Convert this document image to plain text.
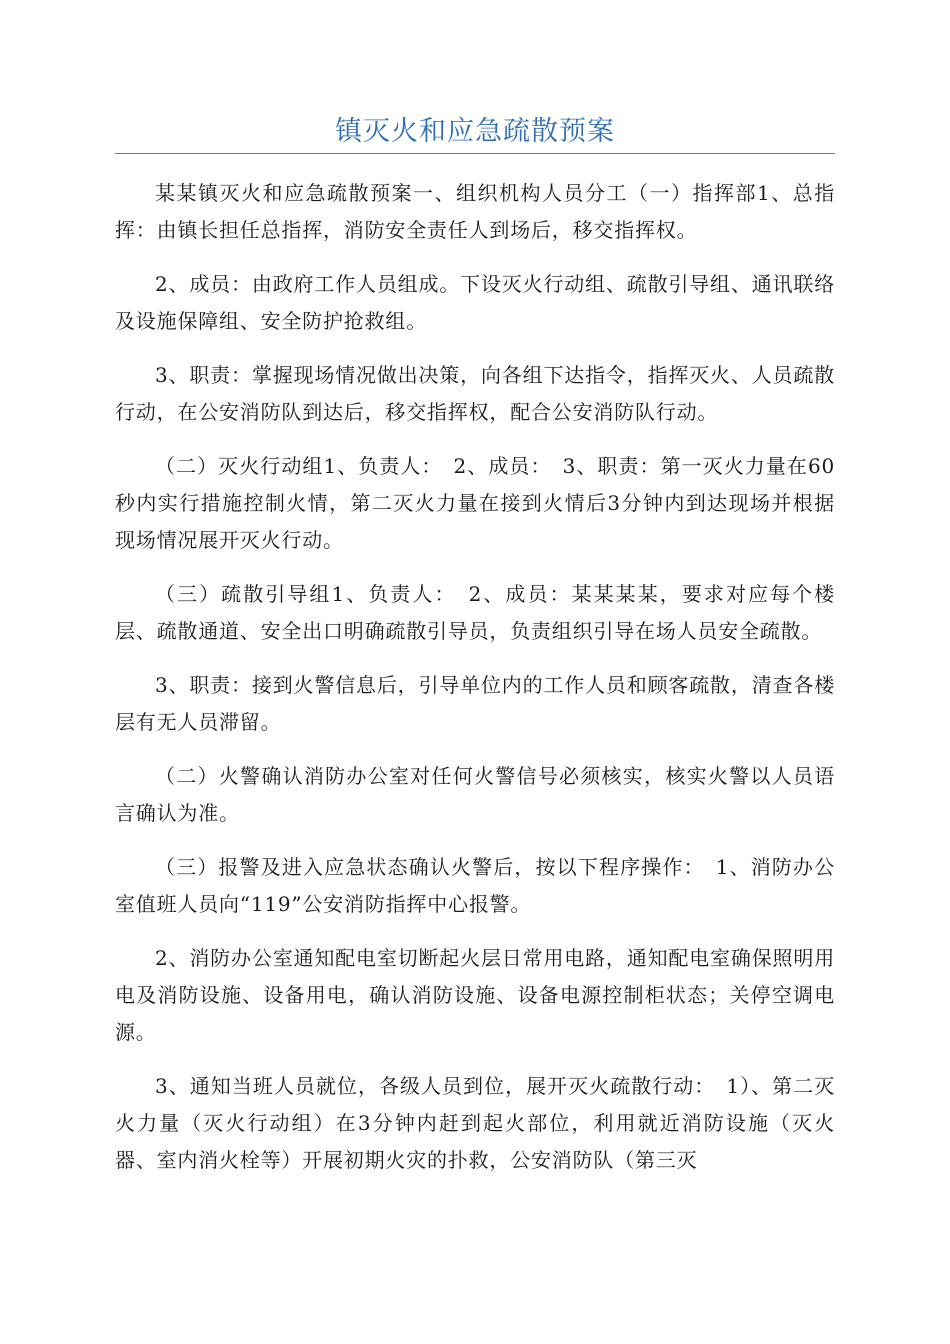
镇灭火和应急疏散预案

某某镇灭火和应急疏散预案一、组织机构人员分工（一）指挥部1、总指挥：由镇长担任总指挥，消防安全责任人到场后，移交指挥权。

2、成员：由政府工作人员组成。下设灭火行动组、疏散引导组、通讯联络及设施保障组、安全防护抢救组。

3、职责：掌握现场情况做出决策，向各组下达指令，指挥灭火、人员疏散行动，在公安消防队到达后，移交指挥权，配合公安消防队行动。

（二）灭火行动组1、负责人：　2、成员：　3、职责：第一灭火力量在60秒内实行措施控制火情，第二灭火力量在接到火情后3分钟内到达现场并根据现场情况展开灭火行动。

（三）疏散引导组1、负责人：　2、成员：某某某某，要求对应每个楼层、疏散通道、安全出口明确疏散引导员，负责组织引导在场人员安全疏散。

3、职责：接到火警信息后，引导单位内的工作人员和顾客疏散，清查各楼层有无人员滞留。

（二）火警确认消防办公室对任何火警信号必须核实，核实火警以人员语言确认为准。

（三）报警及进入应急状态确认火警后，按以下程序操作：　1、消防办公室值班人员向“119”公安消防指挥中心报警。

2、消防办公室通知配电室切断起火层日常用电路，通知配电室确保照明用电及消防设施、设备用电，确认消防设施、设备电源控制柜状态；关停空调电源。

3、通知当班人员就位，各级人员到位，展开灭火疏散行动：　1）、第二灭火力量（灭火行动组）在3分钟内赶到起火部位，利用就近消防设施（灭火器、室内消火栓等）开展初期火灾的扑救，公安消防队（第三灭
